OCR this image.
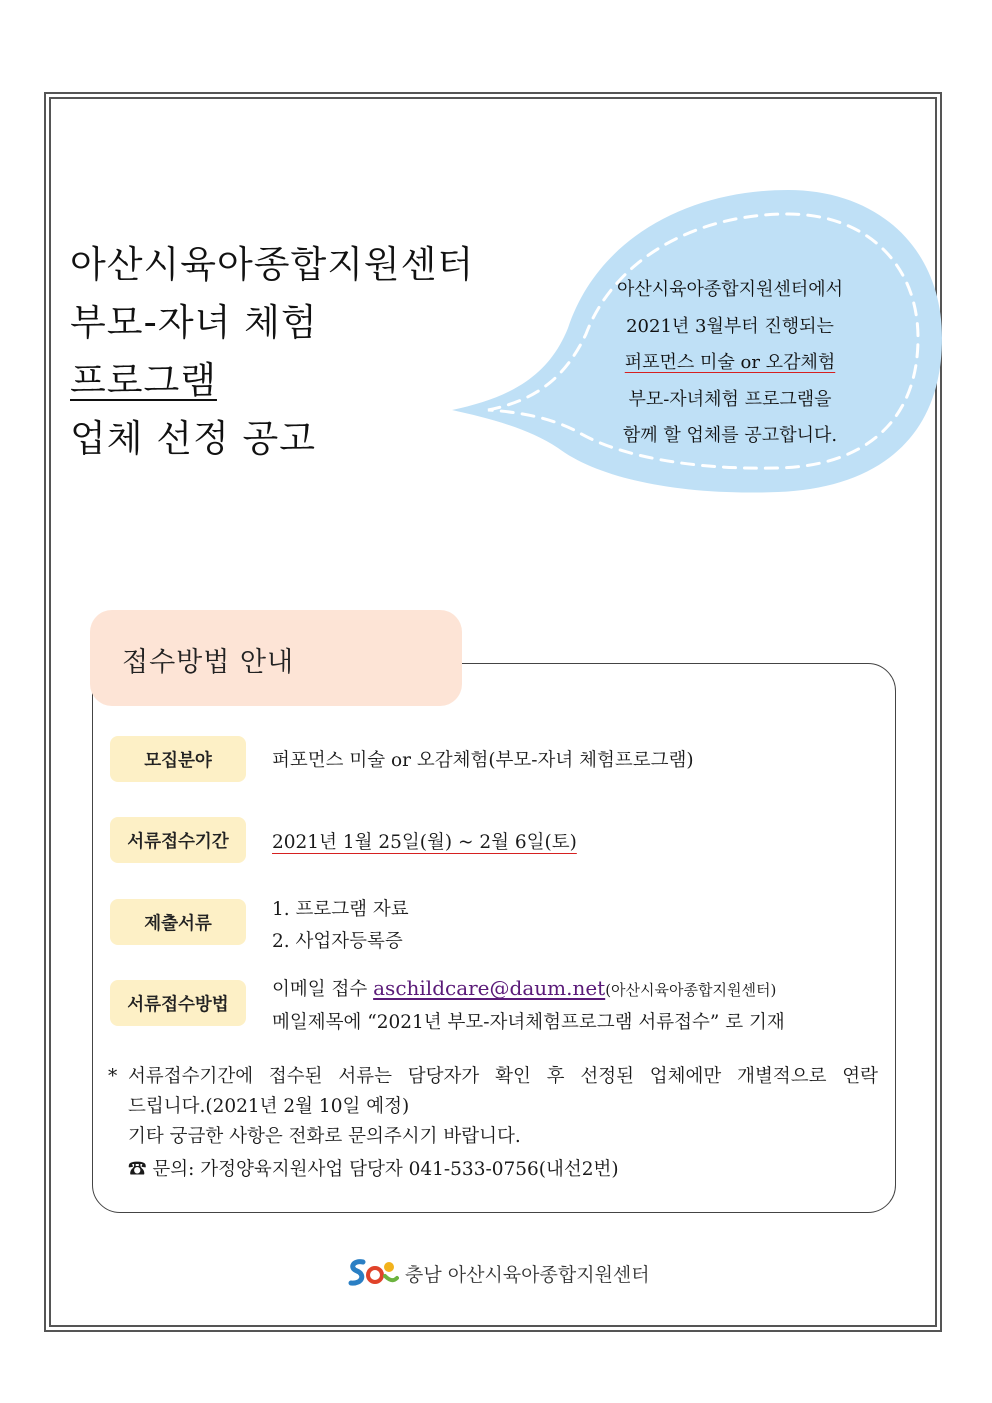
아산시육아종합지원센터
부모-자녀 체험
프로그램
업체 선정 공고
아산시육아종합지원센터에서
2021년 3월부터 진행되는
퍼포먼스 미술 or 오감체험
부모-자녀체험 프로그램을
함께 할 업체를 공고합니다.
접수방법 안내
모집분야	퍼포먼스 미술 or 오감체험(부모-자녀 체험프로그램)
서류접수기간	2021년 1월 25일(월) ~ 2월 6일(토)
제출서류
1. 프로그램 자료
2. 사업자등록증
서류접수방법
이메일 접수 aschildcare@daum.net(아산시육아종합지원센터)
메일제목에 “2021년 부모-자녀체험프로그램 서류접수” 로 기재
* 서류접수기간에 접수된 서류는 담당자가 확인 후 선정된 업체에만 개별적으로 연락
드립니다.(2021년 2월 10일 예정)
기타 궁금한 사항은 전화로 문의주시기 바랍니다.
☎ 문의: 가정양육지원사업 담당자 041-533-0756(내선2번)
충남 아산시육아종합지원센터
